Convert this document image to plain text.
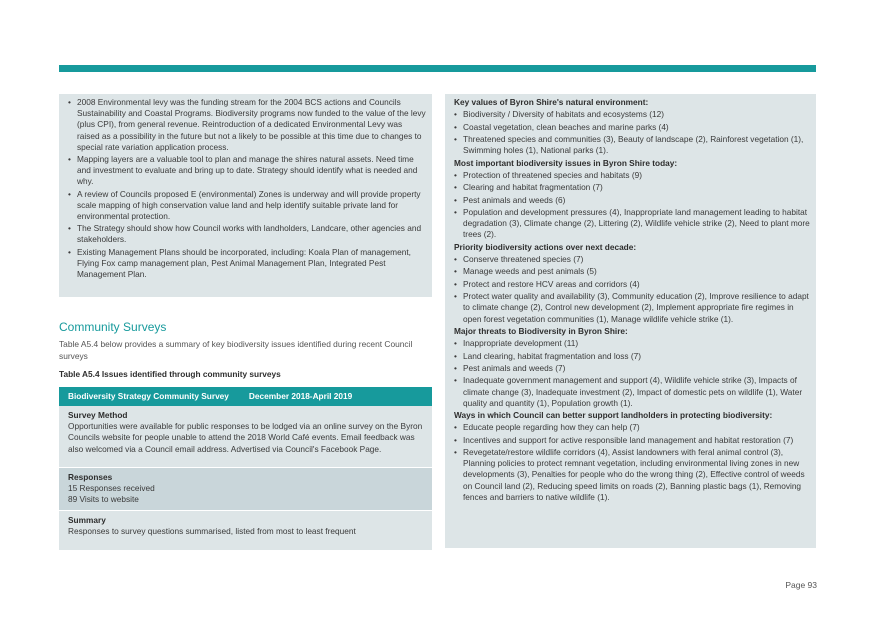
• 2008 Environmental levy was the funding stream for the 2004 BCS actions and Councils Sustainability and Coastal Programs. Biodiversity programs now funded to the value of the levy (plus CPI), from general revenue. Reintroduction of a dedicated Environmental Levy was raised as a possibility in the future but not a likely to be possible at this time due to changes to special rate variation application process.
• Mapping layers are a valuable tool to plan and manage the shires natural assets. Need time and investment to evaluate and bring up to date. Strategy should identify what is needed and why.
• A review of Councils proposed E (environmental) Zones is underway and will provide property scale mapping of high conservation value land and help identify suitable private land for environmental protection.
• The Strategy should show how Council works with landholders, Landcare, other agencies and stakeholders.
• Existing Management Plans should be incorporated, including: Koala Plan of management, Flying Fox camp management plan, Pest Animal Management Plan, Integrated Pest Management Plan.
Community Surveys
Table A5.4 below provides a summary of key biodiversity issues identified during recent Council surveys
Table A5.4 Issues identified through community surveys
Biodiversity Strategy Community Survey December 2018-April 2019
Survey Method
Opportunities were available for public responses to be lodged via an online survey on the Byron Councils website for people unable to attend the 2018 World Café events. Email feedback was also welcomed via a Council email address. Advertised via Council's Facebook Page.
Responses
15 Responses received
89 Visits to website
Summary
Responses to survey questions summarised, listed from most to least frequent
Key values of Byron Shire's natural environment:
• Biodiversity / Diversity of habitats and ecosystems (12)
• Coastal vegetation, clean beaches and marine parks (4)
• Threatened species and communities (3), Beauty of landscape (2), Rainforest vegetation (1), Swimming holes (1), National parks (1).
Most important biodiversity issues in Byron Shire today:
• Protection of threatened species and habitats (9)
• Clearing and habitat fragmentation (7)
• Pest animals and weeds (6)
• Population and development pressures (4), Inappropriate land management leading to habitat degradation (3), Climate change (2), Littering (2), Wildlife vehicle strike (2), Need to plant more trees (2).
Priority biodiversity actions over next decade:
• Conserve threatened species (7)
• Manage weeds and pest animals (5)
• Protect and restore HCV areas and corridors (4)
• Protect water quality and availability (3), Community education (2), Improve resilience to adapt to climate change (2), Control new development (2), Implement appropriate fire regimes in open forest vegetation communities (1), Manage wildlife vehicle strike (1).
Major threats to Biodiversity in Byron Shire:
• Inappropriate development (11)
• Land clearing, habitat fragmentation and loss (7)
• Pest animals and weeds (7)
• Inadequate government management and support (4), Wildlife vehicle strike (3), Impacts of climate change (3), Inadequate investment (2), Impact of domestic pets on wildlife (1), Water quality and quantity (1), Population growth (1).
Ways in which Council can better support landholders in protecting biodiversity:
• Educate people regarding how they can help (7)
• Incentives and support for active responsible land management and habitat restoration (7)
• Revegetate/restore wildlife corridors (4), Assist landowners with feral animal control (3), Planning policies to protect remnant vegetation, including environmental living zones in new developments (3), Penalties for people who do the wrong thing (2), Effective control of weeds on Council land (2), Reducing speed limits on roads (2), Banning plastic bags (1), Removing fences and barriers to native wildlife (1).
Page 93
